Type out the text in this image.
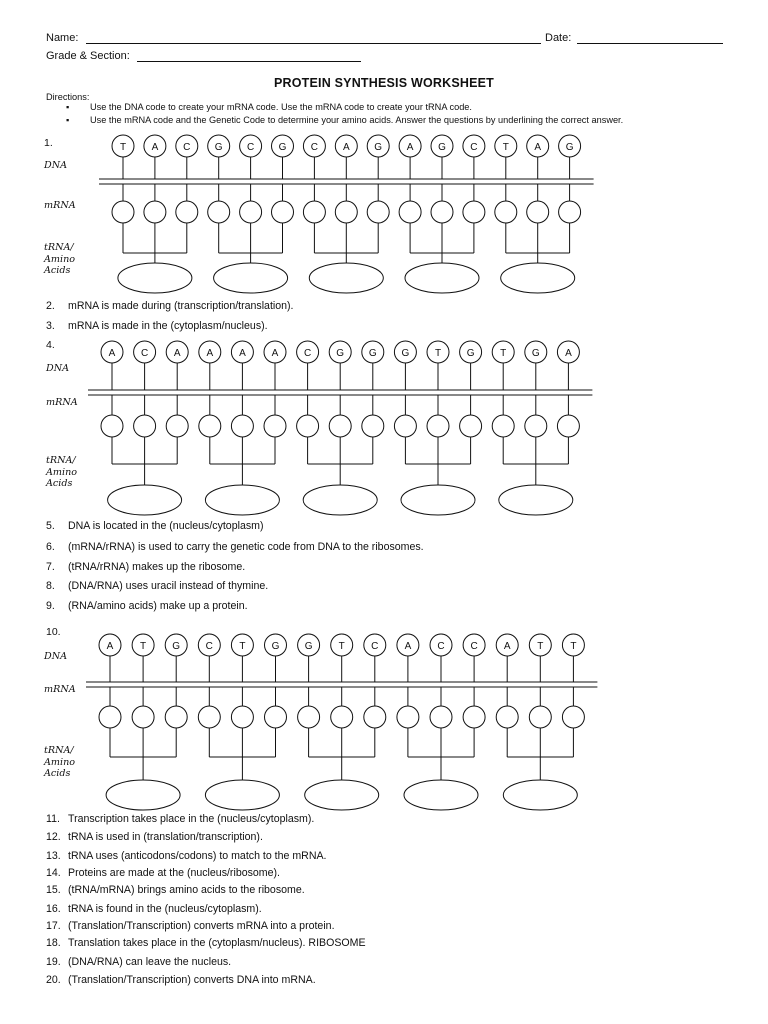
Name:	Date:
Grade & Section:
PROTEIN SYNTHESIS WORKSHEET
Directions:
▪ Use the DNA code to create your mRNA code. Use the mRNA code to create your tRNA code.
▪ Use the mRNA code and the Genetic Code to determine your amino acids. Answer the questions by underlining the correct answer.
1.
DNA
mRNA
tRNA/
Amino
Acids
T	A C G C G C A G A G C	T	A G
2. mRNA is made during (transcription/translation).
3. mRNA is made in the (cytoplasm/nucleus).
4.
DNA
mRNA
tRNA/
Amino
Acids
A	C	A	A	A	A	C	G G G	T	G	T	G	A
5. DNA is located in the (nucleus/cytoplasm)
6. (mRNA/rRNA) is used to carry the genetic code from DNA to the ribosomes.
7. (tRNA/rRNA) makes up the ribosome.
8. (DNA/RNA) uses uracil instead of thymine.
9. (RNA/amino acids) make up a protein.
10.
DNA
mRNA
tRNA/
Amino
Acids
A	T	G	C	T	G	G	T	C	A	C	C	A	T	T
11. Transcription takes place in the (nucleus/cytoplasm).
12. tRNA is used in (translation/transcription).
13. tRNA uses (anticodons/codons) to match to the mRNA.
14. Proteins are made at the (nucleus/ribosome).
15. (tRNA/mRNA) brings amino acids to the ribosome.
16. tRNA is found in the (nucleus/cytoplasm).
17. (Translation/Transcription) converts mRNA into a protein.
18. Translation takes place in the (cytoplasm/nucleus). RIBOSOME
19. (DNA/RNA) can leave the nucleus.
20. (Translation/Transcription) converts DNA into mRNA.
